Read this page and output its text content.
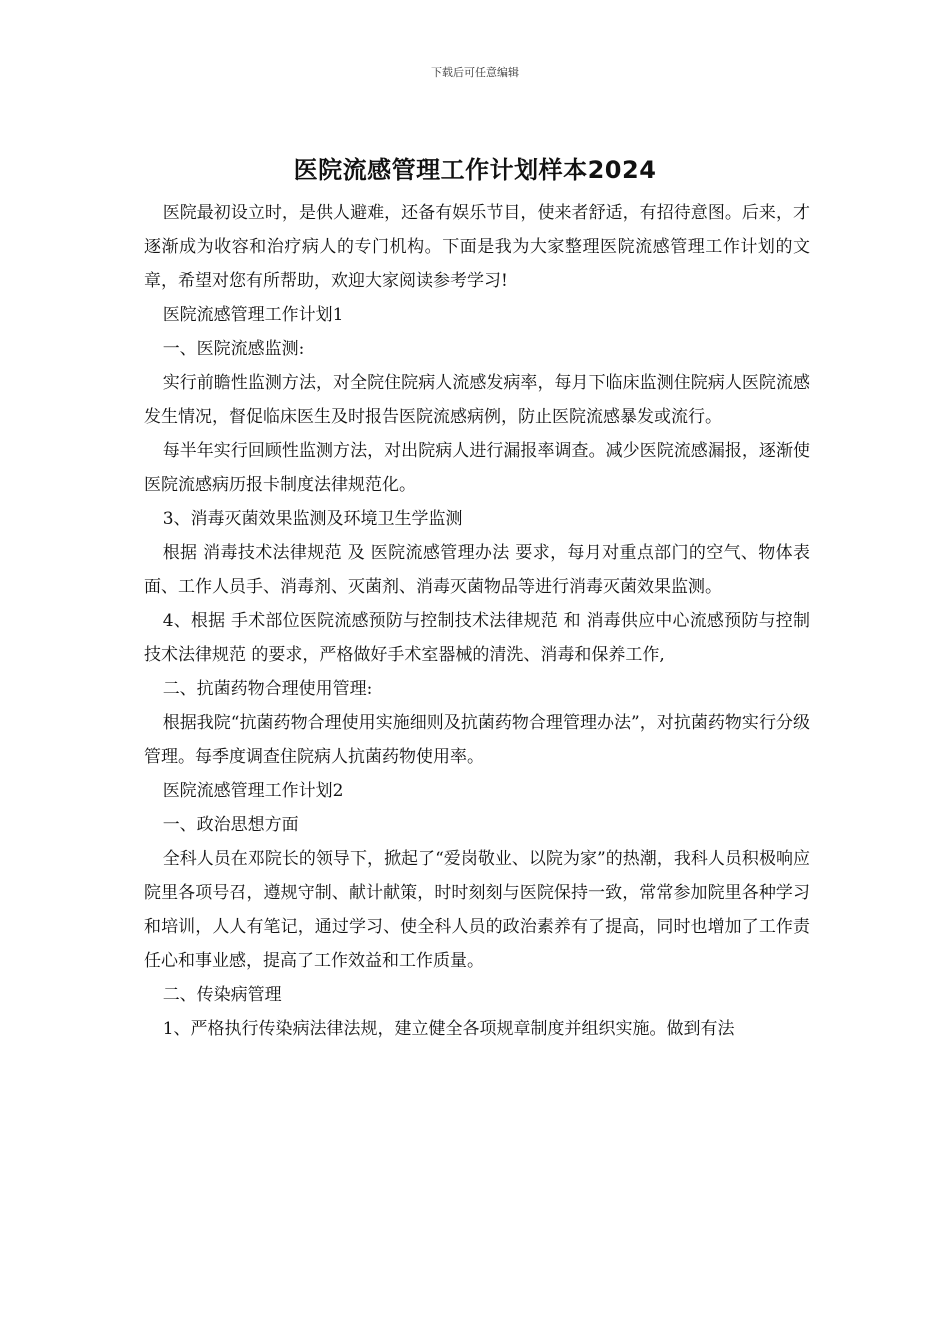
下载后可任意编辑
医院流感管理工作计划样本2024

医院最初设立时，是供人避难，还备有娱乐节目，使来者舒适，有招待意图。后来，才逐渐成为收容和治疗病人的专门机构。下面是我为大家整理医院流感管理工作计划的文章，希望对您有所帮助，欢迎大家阅读参考学习!

医院流感管理工作计划1

一、医院流感监测:

实行前瞻性监测方法，对全院住院病人流感发病率，每月下临床监测住院病人医院流感发生情况，督促临床医生及时报告医院流感病例，防止医院流感暴发或流行。

每半年实行回顾性监测方法，对出院病人进行漏报率调查。减少医院流感漏报，逐渐使医院流感病历报卡制度法律规范化。

3、消毒灭菌效果监测及环境卫生学监测

根据 消毒技术法律规范 及 医院流感管理办法 要求，每月对重点部门的空气、物体表面、工作人员手、消毒剂、灭菌剂、消毒灭菌物品等进行消毒灭菌效果监测。

4、根据 手术部位医院流感预防与控制技术法律规范 和 消毒供应中心流感预防与控制技术法律规范 的要求，严格做好手术室器械的清洗、消毒和保养工作,

二、抗菌药物合理使用管理:

根据我院“抗菌药物合理使用实施细则及抗菌药物合理管理办法”，对抗菌药物实行分级管理。每季度调查住院病人抗菌药物使用率。

医院流感管理工作计划2

一、政治思想方面

全科人员在邓院长的领导下，掀起了“爱岗敬业、以院为家”的热潮，我科人员积极响应院里各项号召，遵规守制、献计献策，时时刻刻与医院保持一致，常常参加院里各种学习和培训，人人有笔记，通过学习、使全科人员的政治素养有了提高，同时也增加了工作责任心和事业感，提高了工作效益和工作质量。

二、传染病管理

1、严格执行传染病法律法规，建立健全各项规章制度并组织实施。做到有法
